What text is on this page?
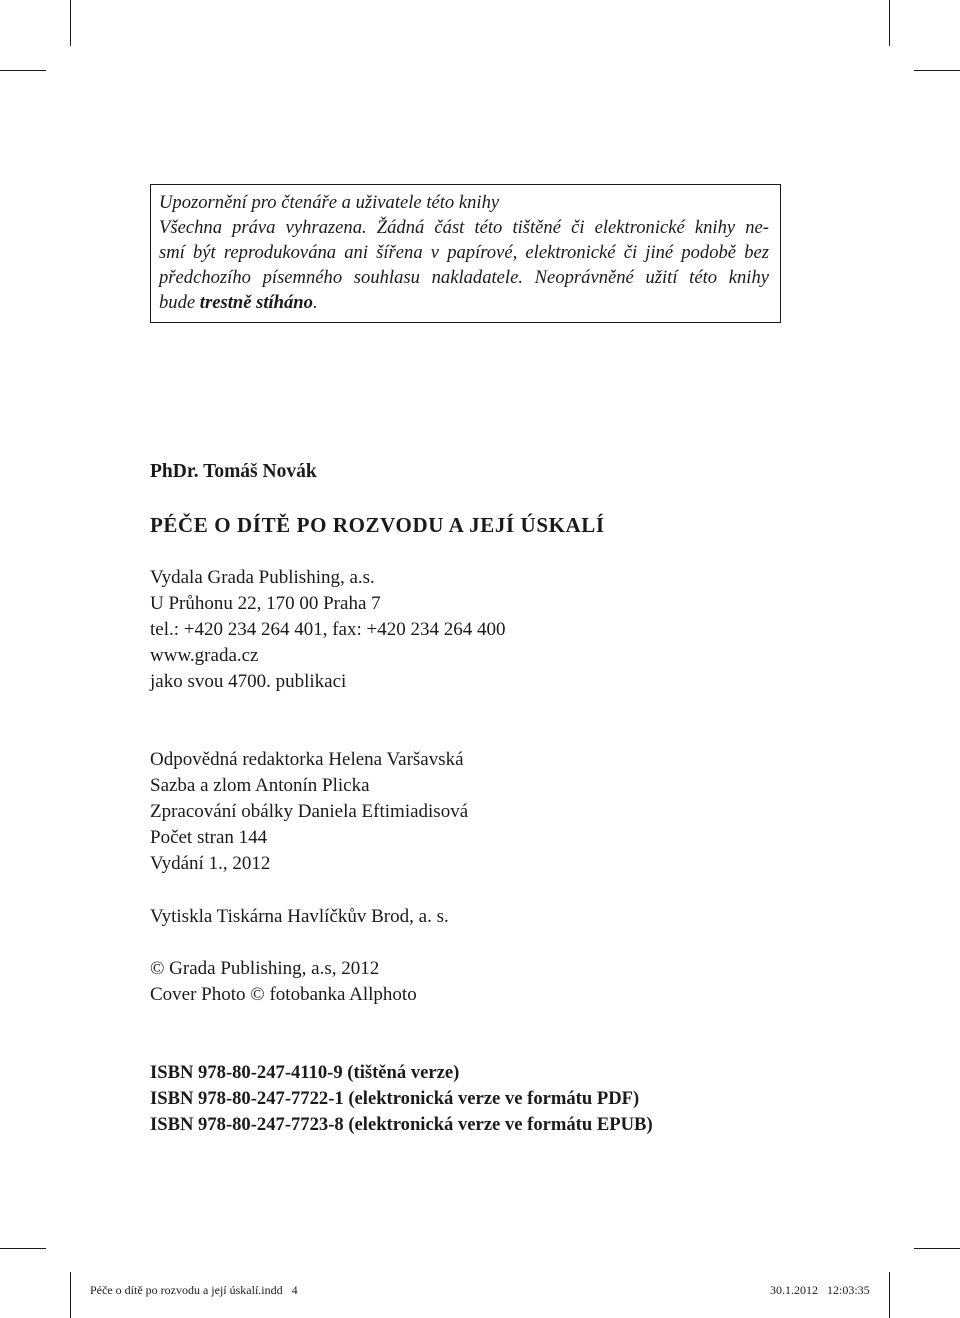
Upozornění pro čtenáře a uživatele této knihy
Všechna práva vyhrazena. Žádná část této tištěné či elektronické knihy ne-
smí být reprodukována ani šířena v papírové, elektronické či jiné podobě bez
předchozího písemného souhlasu nakladatele. Neoprávněné užití této knihy
bude trestně stíháno.
PhDr. Tomáš Novák
PÉČE O DÍTĚ PO ROZVODU A JEJÍ ÚSKALÍ
Vydala Grada Publishing, a.s.
U Průhonu 22, 170 00 Praha 7
tel.: +420 234 264 401, fax: +420 234 264 400
www.grada.cz
jako svou 4700. publikaci
Odpovědná redaktorka Helena Varšavská
Sazba a zlom Antonín Plicka
Zpracování obálky Daniela Eftimiadisová
Počet stran 144
Vydání 1., 2012
Vytiskla Tiskárna Havlíčkův Brod, a. s.
© Grada Publishing, a.s, 2012
Cover Photo © fotobanka Allphoto
ISBN 978-80-247-4110-9 (tištěná verze)
ISBN 978-80-247-7722-1 (elektronická verze ve formátu PDF)
ISBN 978-80-247-7723-8 (elektronická verze ve formátu EPUB)
Péče o dítě po rozvodu a její úskalí.indd   4	30.1.2012   12:03:35
